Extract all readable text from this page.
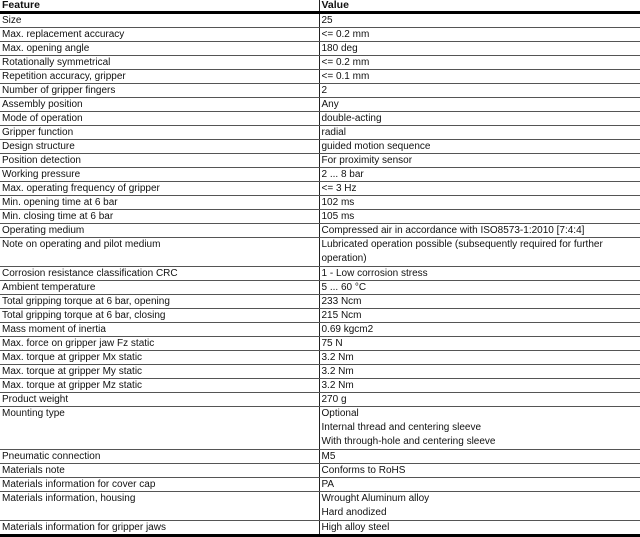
Feature	Value
Size	25

Max. replacement accuracy	<= 0.2 mm

Max. opening angle	180 deg

Rotationally symmetrical	<= 0.2 mm

Repetition accuracy, gripper	<= 0.1 mm

Number of gripper fingers	2

Assembly position	Any

Mode of operation	double-acting

Gripper function	radial

Design structure	guided motion sequence

Position detection	For proximity sensor

Working pressure	2 ... 8 bar

Max. operating frequency of gripper	<= 3 Hz

Min. opening time at 6 bar	102 ms

Min. closing time at 6 bar	105 ms

Operating medium	Compressed air in accordance with ISO8573-1:2010 [7:4:4]

Note on operating and pilot medium	Lubricated operation possible (subsequently required for further
operation)

Corrosion resistance classification CRC	1 - Low corrosion stress

Ambient temperature	5 ... 60 °C

Total gripping torque at 6 bar, opening	233 Ncm

Total gripping torque at 6 bar, closing	215 Ncm

Mass moment of inertia	0.69 kgcm2

Max. force on gripper jaw Fz static	75 N

Max. torque at gripper Mx static	3.2 Nm

Max. torque at gripper My static	3.2 Nm

Max. torque at gripper Mz static	3.2 Nm

Product weight	270 g

Mounting type	Optional
Internal thread and centering sleeve
With through-hole and centering sleeve

Pneumatic connection	M5

Materials note	Conforms to RoHS

Materials information for cover cap	PA

Materials information, housing	Wrought Aluminum alloy
Hard anodized

Materials information for gripper jaws	High alloy steel
